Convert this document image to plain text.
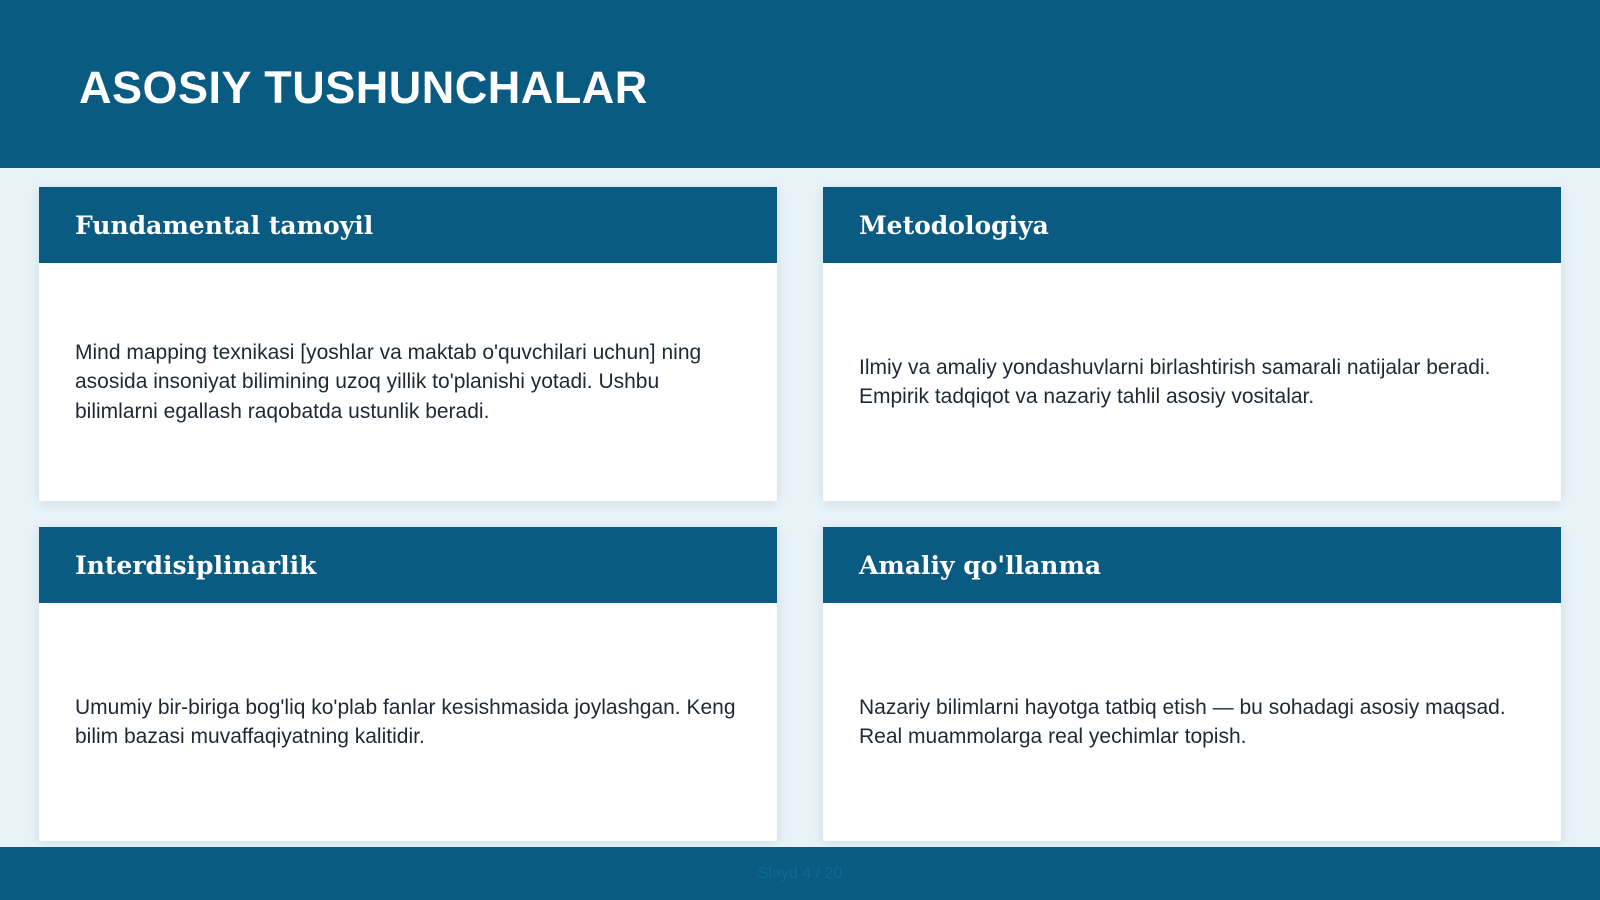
ASOSIY TUSHUNCHALAR
Fundamental tamoyil

Mind mapping texnikasi [yoshlar va maktab o'quvchilari uchun] ning asosida insoniyat bilimining uzoq yillik to'planishi yotadi. Ushbu bilimlarni egallash raqobatda ustunlik beradi.

Metodologiya

Ilmiy va amaliy yondashuvlarni birlashtirish samarali natijalar beradi. Empirik tadqiqot va nazariy tahlil asosiy vositalar.

Interdisiplinarlik

Umumiy bir-biriga bog'liq ko'plab fanlar kesishmasida joylashgan. Keng bilim bazasi muvaffaqiyatning kalitidir.

Amaliy qo'llanma

Nazariy bilimlarni hayotga tatbiq etish — bu sohadagi asosiy maqsad. Real muammolarga real yechimlar topish.

Slayd 4 / 20
